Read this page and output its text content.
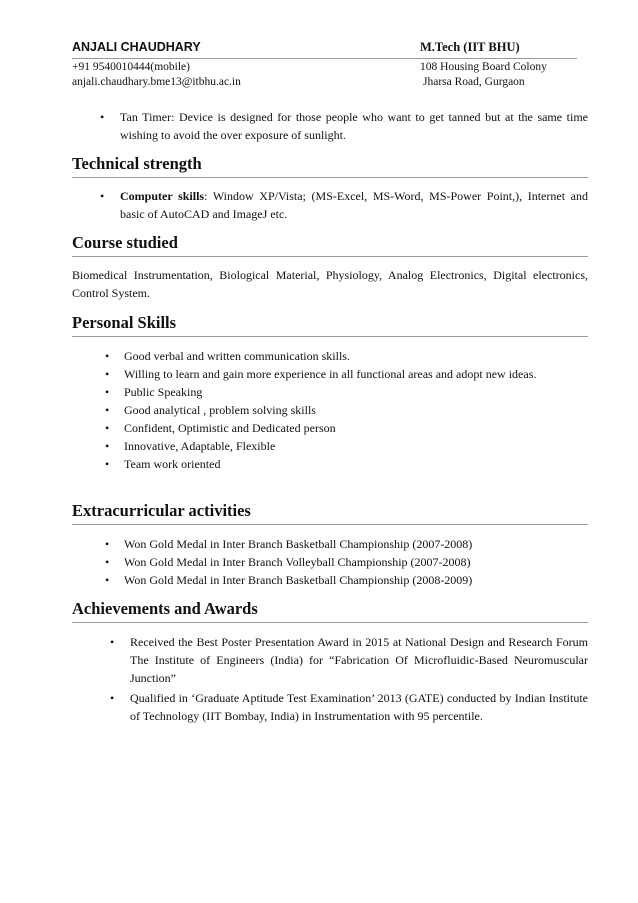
ANJALI CHAUDHARY	M.Tech (IIT BHU)
+91 9540010444(mobile)	108 Housing Board Colony
anjali.chaudhary.bme13@itbhu.ac.in	Jharsa Road, Gurgaon
• Tan Timer: Device is designed for those people who want to get tanned but at the same time wishing to avoid the over exposure of sunlight.
Technical strength
• Computer skills: Window XP/Vista; (MS-Excel, MS-Word, MS-Power Point,), Internet and basic of AutoCAD and ImageJ etc.
Course studied
Biomedical Instrumentation, Biological Material, Physiology, Analog Electronics, Digital electronics, Control System.
Personal Skills
• Good verbal and written communication skills.
• Willing to learn and gain more experience in all functional areas and adopt new ideas.
• Public Speaking
• Good analytical , problem solving skills
• Confident, Optimistic and Dedicated person
• Innovative, Adaptable, Flexible
• Team work oriented
Extracurricular activities
• Won Gold Medal in Inter Branch Basketball Championship (2007-2008)
• Won Gold Medal in Inter Branch Volleyball Championship (2007-2008)
• Won Gold Medal in Inter Branch Basketball Championship (2008-2009)
Achievements and Awards
• Received the Best Poster Presentation Award in 2015 at National Design and Research Forum The Institute of Engineers (India) for “Fabrication Of Microfluidic-Based Neuromuscular Junction”
• Qualified in ‘Graduate Aptitude Test Examination’ 2013 (GATE) conducted by Indian Institute of Technology (IIT Bombay, India) in Instrumentation with 95 percentile.
